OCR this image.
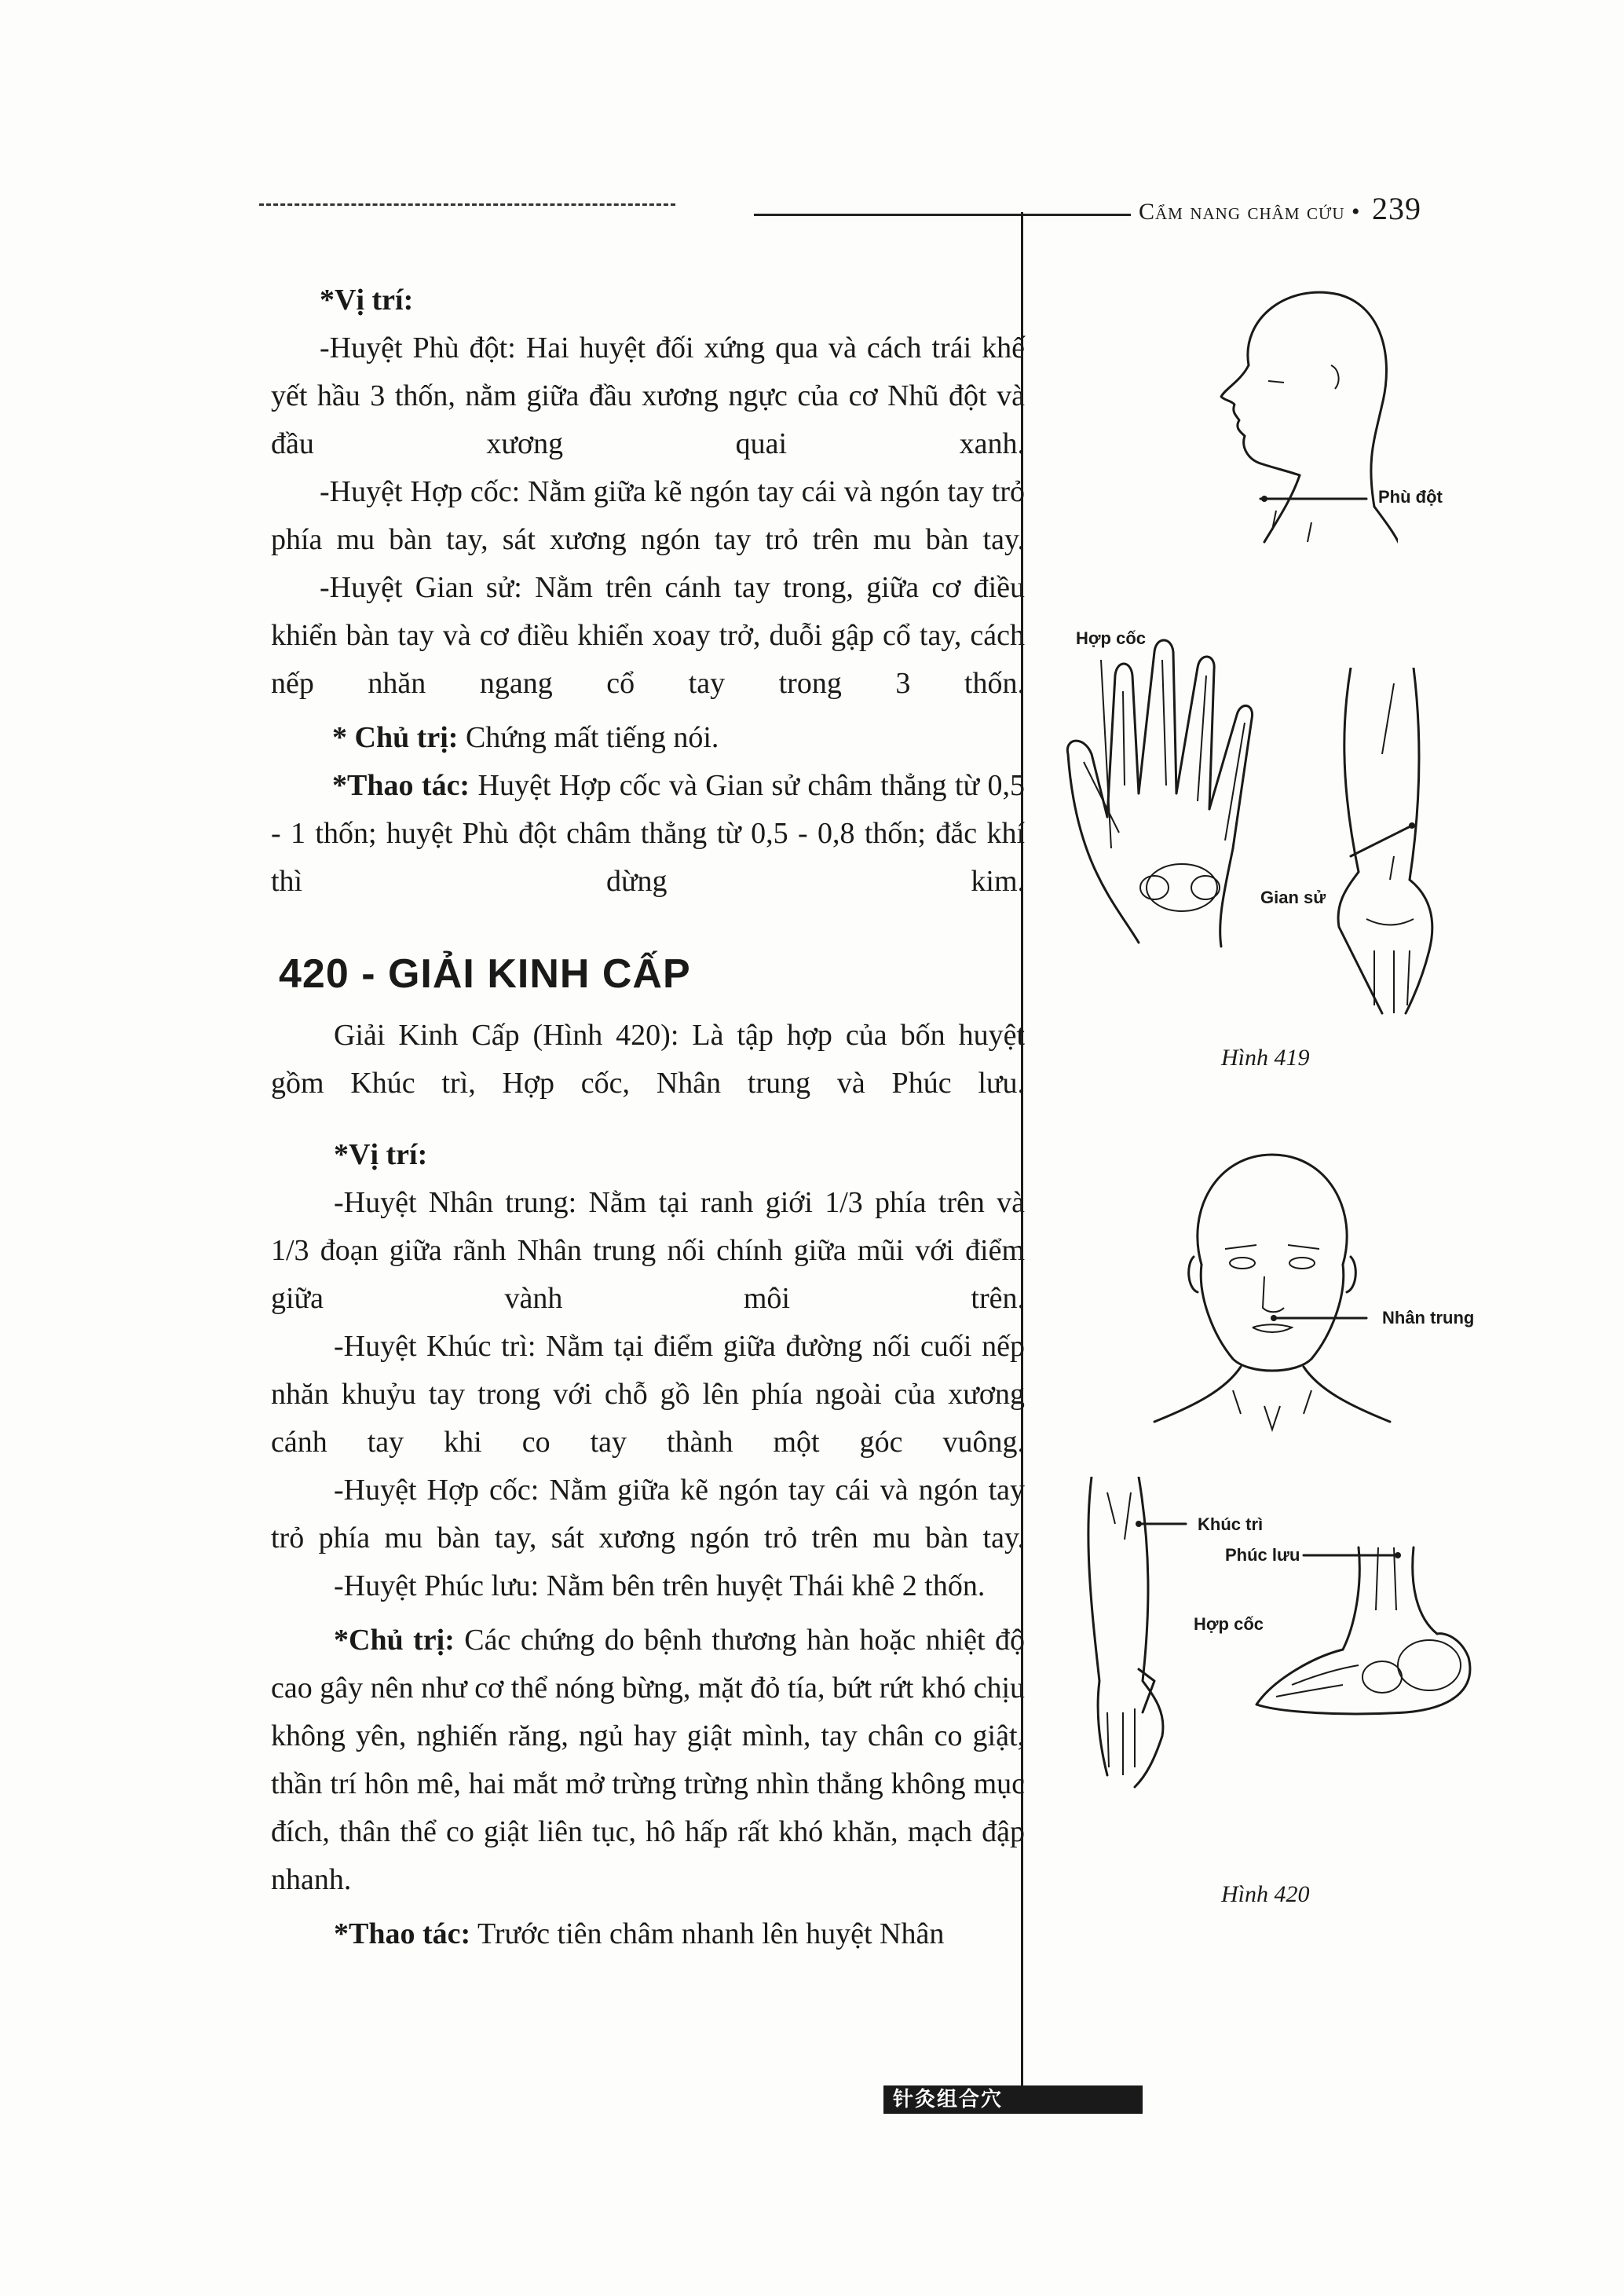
Cẩm nang châm cứu • 239

*Vị trí:

-Huyệt Phù đột: Hai huyệt đối xứng qua và cách trái khế yết hầu 3 thốn, nằm giữa đầu xương ngực của cơ Nhũ đột và đầu xương quai xanh.

-Huyệt Hợp cốc: Nằm giữa kẽ ngón tay cái và ngón tay trỏ phía mu bàn tay, sát xương ngón tay trỏ trên mu bàn tay.

-Huyệt Gian sử: Nằm trên cánh tay trong, giữa cơ điều khiển bàn tay và cơ điều khiển xoay trở, duỗi gập cổ tay, cách nếp nhăn ngang cổ tay trong 3 thốn.

* Chủ trị: Chứng mất tiếng nói.

*Thao tác: Huyệt Hợp cốc và Gian sử châm thẳng từ 0,5 - 1 thốn; huyệt Phù đột châm thẳng từ 0,5 - 0,8 thốn; đắc khí thì dừng kim.

420 - GIẢI KINH CẤP

Giải Kinh Cấp (Hình 420): Là tập hợp của bốn huyệt gồm Khúc trì, Hợp cốc, Nhân trung và Phúc lưu.

*Vị trí:

-Huyệt Nhân trung: Nằm tại ranh giới 1/3 phía trên và 1/3 đoạn giữa rãnh Nhân trung nối chính giữa mũi với điểm giữa vành môi trên.

-Huyệt Khúc trì: Nằm tại điểm giữa đường nối cuối nếp nhăn khuỷu tay trong với chỗ gồ lên phía ngoài của xương cánh tay khi co tay thành một góc vuông.

-Huyệt Hợp cốc: Nằm giữa kẽ ngón tay cái và ngón tay trỏ phía mu bàn tay, sát xương ngón trỏ trên mu bàn tay.

-Huyệt Phúc lưu: Nằm bên trên huyệt Thái khê 2 thốn.

*Chủ trị: Các chứng do bệnh thương hàn hoặc nhiệt độ cao gây nên như cơ thể nóng bừng, mặt đỏ tía, bứt rứt khó chịu không yên, nghiến răng, ngủ hay giật mình, tay chân co giật, thần trí hôn mê, hai mắt mở trừng trừng nhìn thẳng không mục đích, thân thể co giật liên tục, hô hấp rất khó khăn, mạch đập nhanh.

*Thao tác: Trước tiên châm nhanh lên huyệt Nhân

Phù đột
Hợp cốc
Gian sử
Hình 419
Nhân trung
Khúc trì
Hợp cốc
Phúc lưu
Hình 420
针灸组合穴
